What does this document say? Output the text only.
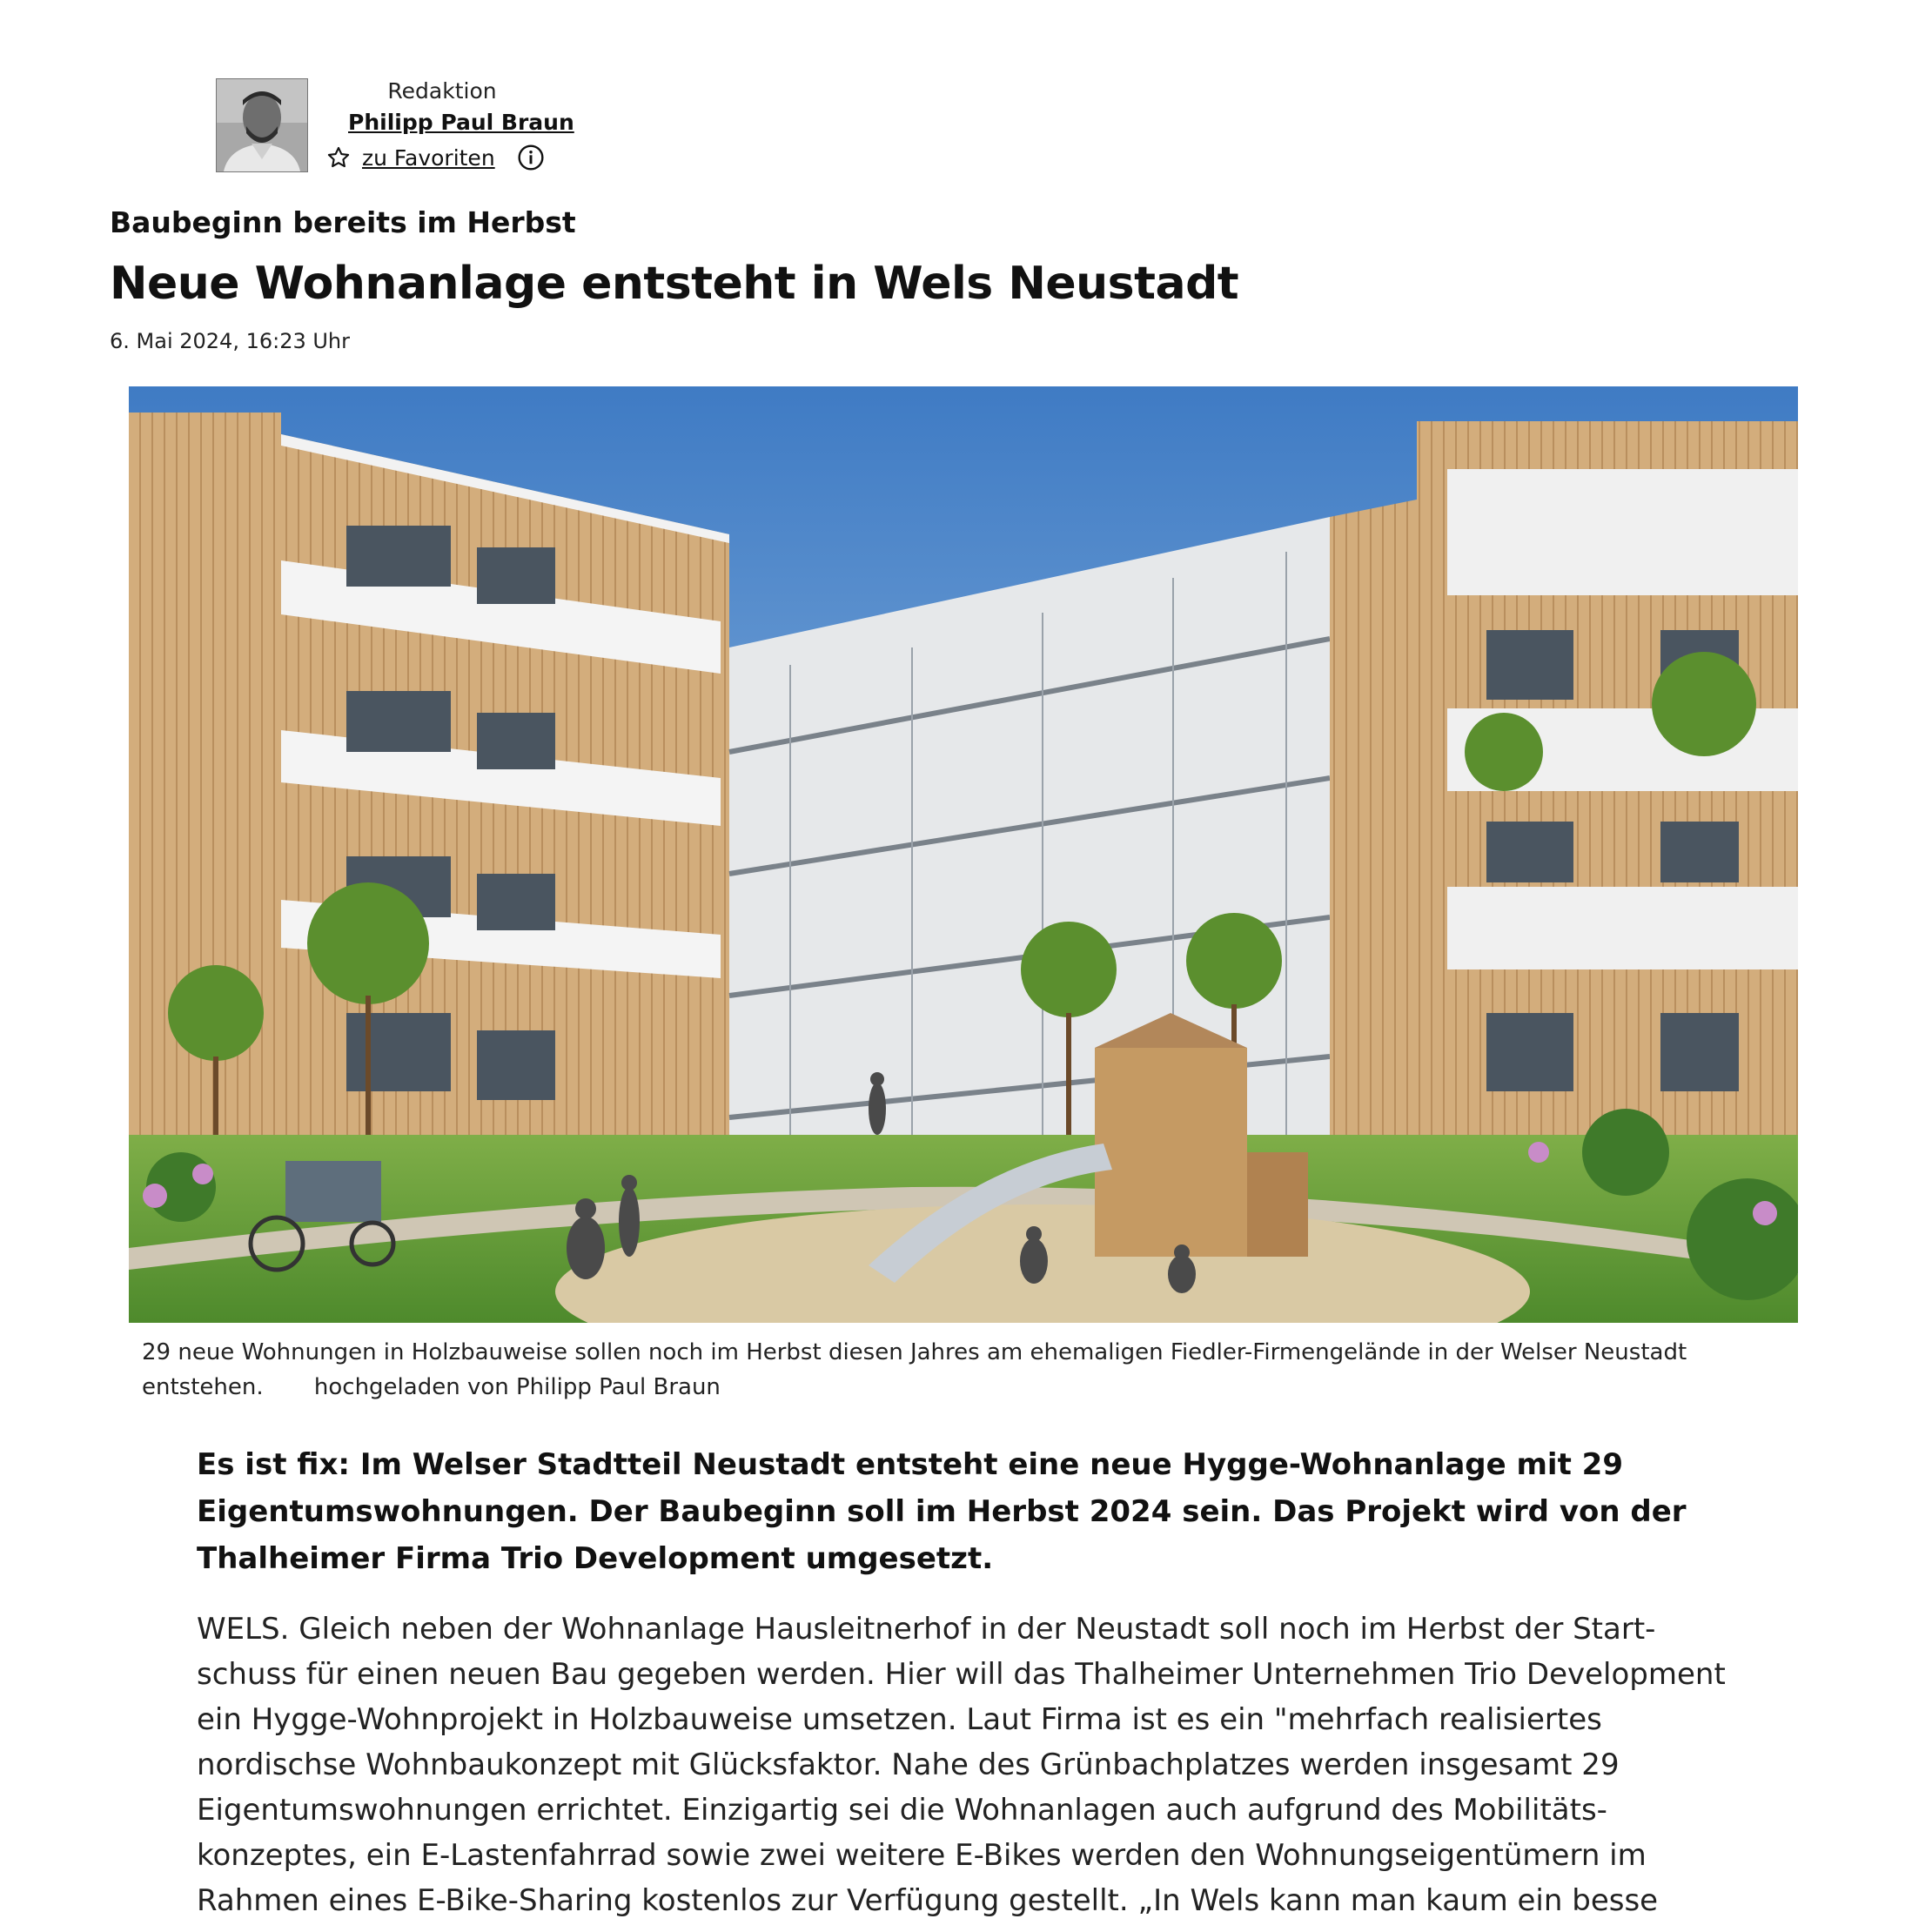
Redaktion
Philipp Paul Braun
zu Favoriten
Baubeginn bereits im Herbst
Neue Wohnanlage entsteht in Wels Neustadt
6. Mai 2024, 16:23 Uhr
29 neue Wohnungen in Holzbauweise sollen noch im Herbst diesen Jahres am ehemaligen Fiedler-Firmengelände in der Welser Neustadt entstehen. hochgeladen von Philipp Paul Braun

Es ist fix: Im Welser Stadtteil Neustadt entsteht eine neue Hygge-Wohnanlage mit 29 Eigentumswohnungen. Der Baubeginn soll im Herbst 2024 sein. Das Projekt wird von der Thalheimer Firma Trio Development umgesetzt.

WELS. Gleich neben der Wohnanlage Hausleitnerhof in der Neustadt soll noch im Herbst der Startschuss für einen neuen Bau gegeben werden. Hier will das Thalheimer Unternehmen Trio Development ein Hygge-Wohnprojekt in Holzbauweise umsetzen. Laut Firma ist es ein "mehrfach realisiertes nordischse Wohnbaukonzept mit Glücksfaktor. Nahe des Grünbachplatzes werden insgesamt 29 Eigentumswohnungen errichtet. Einzigartig sei die Wohnanlagen auch aufgrund des Mobilitätskonzeptes, ein E-Lastenfahrrad sowie zwei weitere E-Bikes werden den Wohnungseigentümern im Rahmen eines E-Bike-Sharing kostenlos zur Verfügung gestellt. „In Wels kann man kaum ein besse
